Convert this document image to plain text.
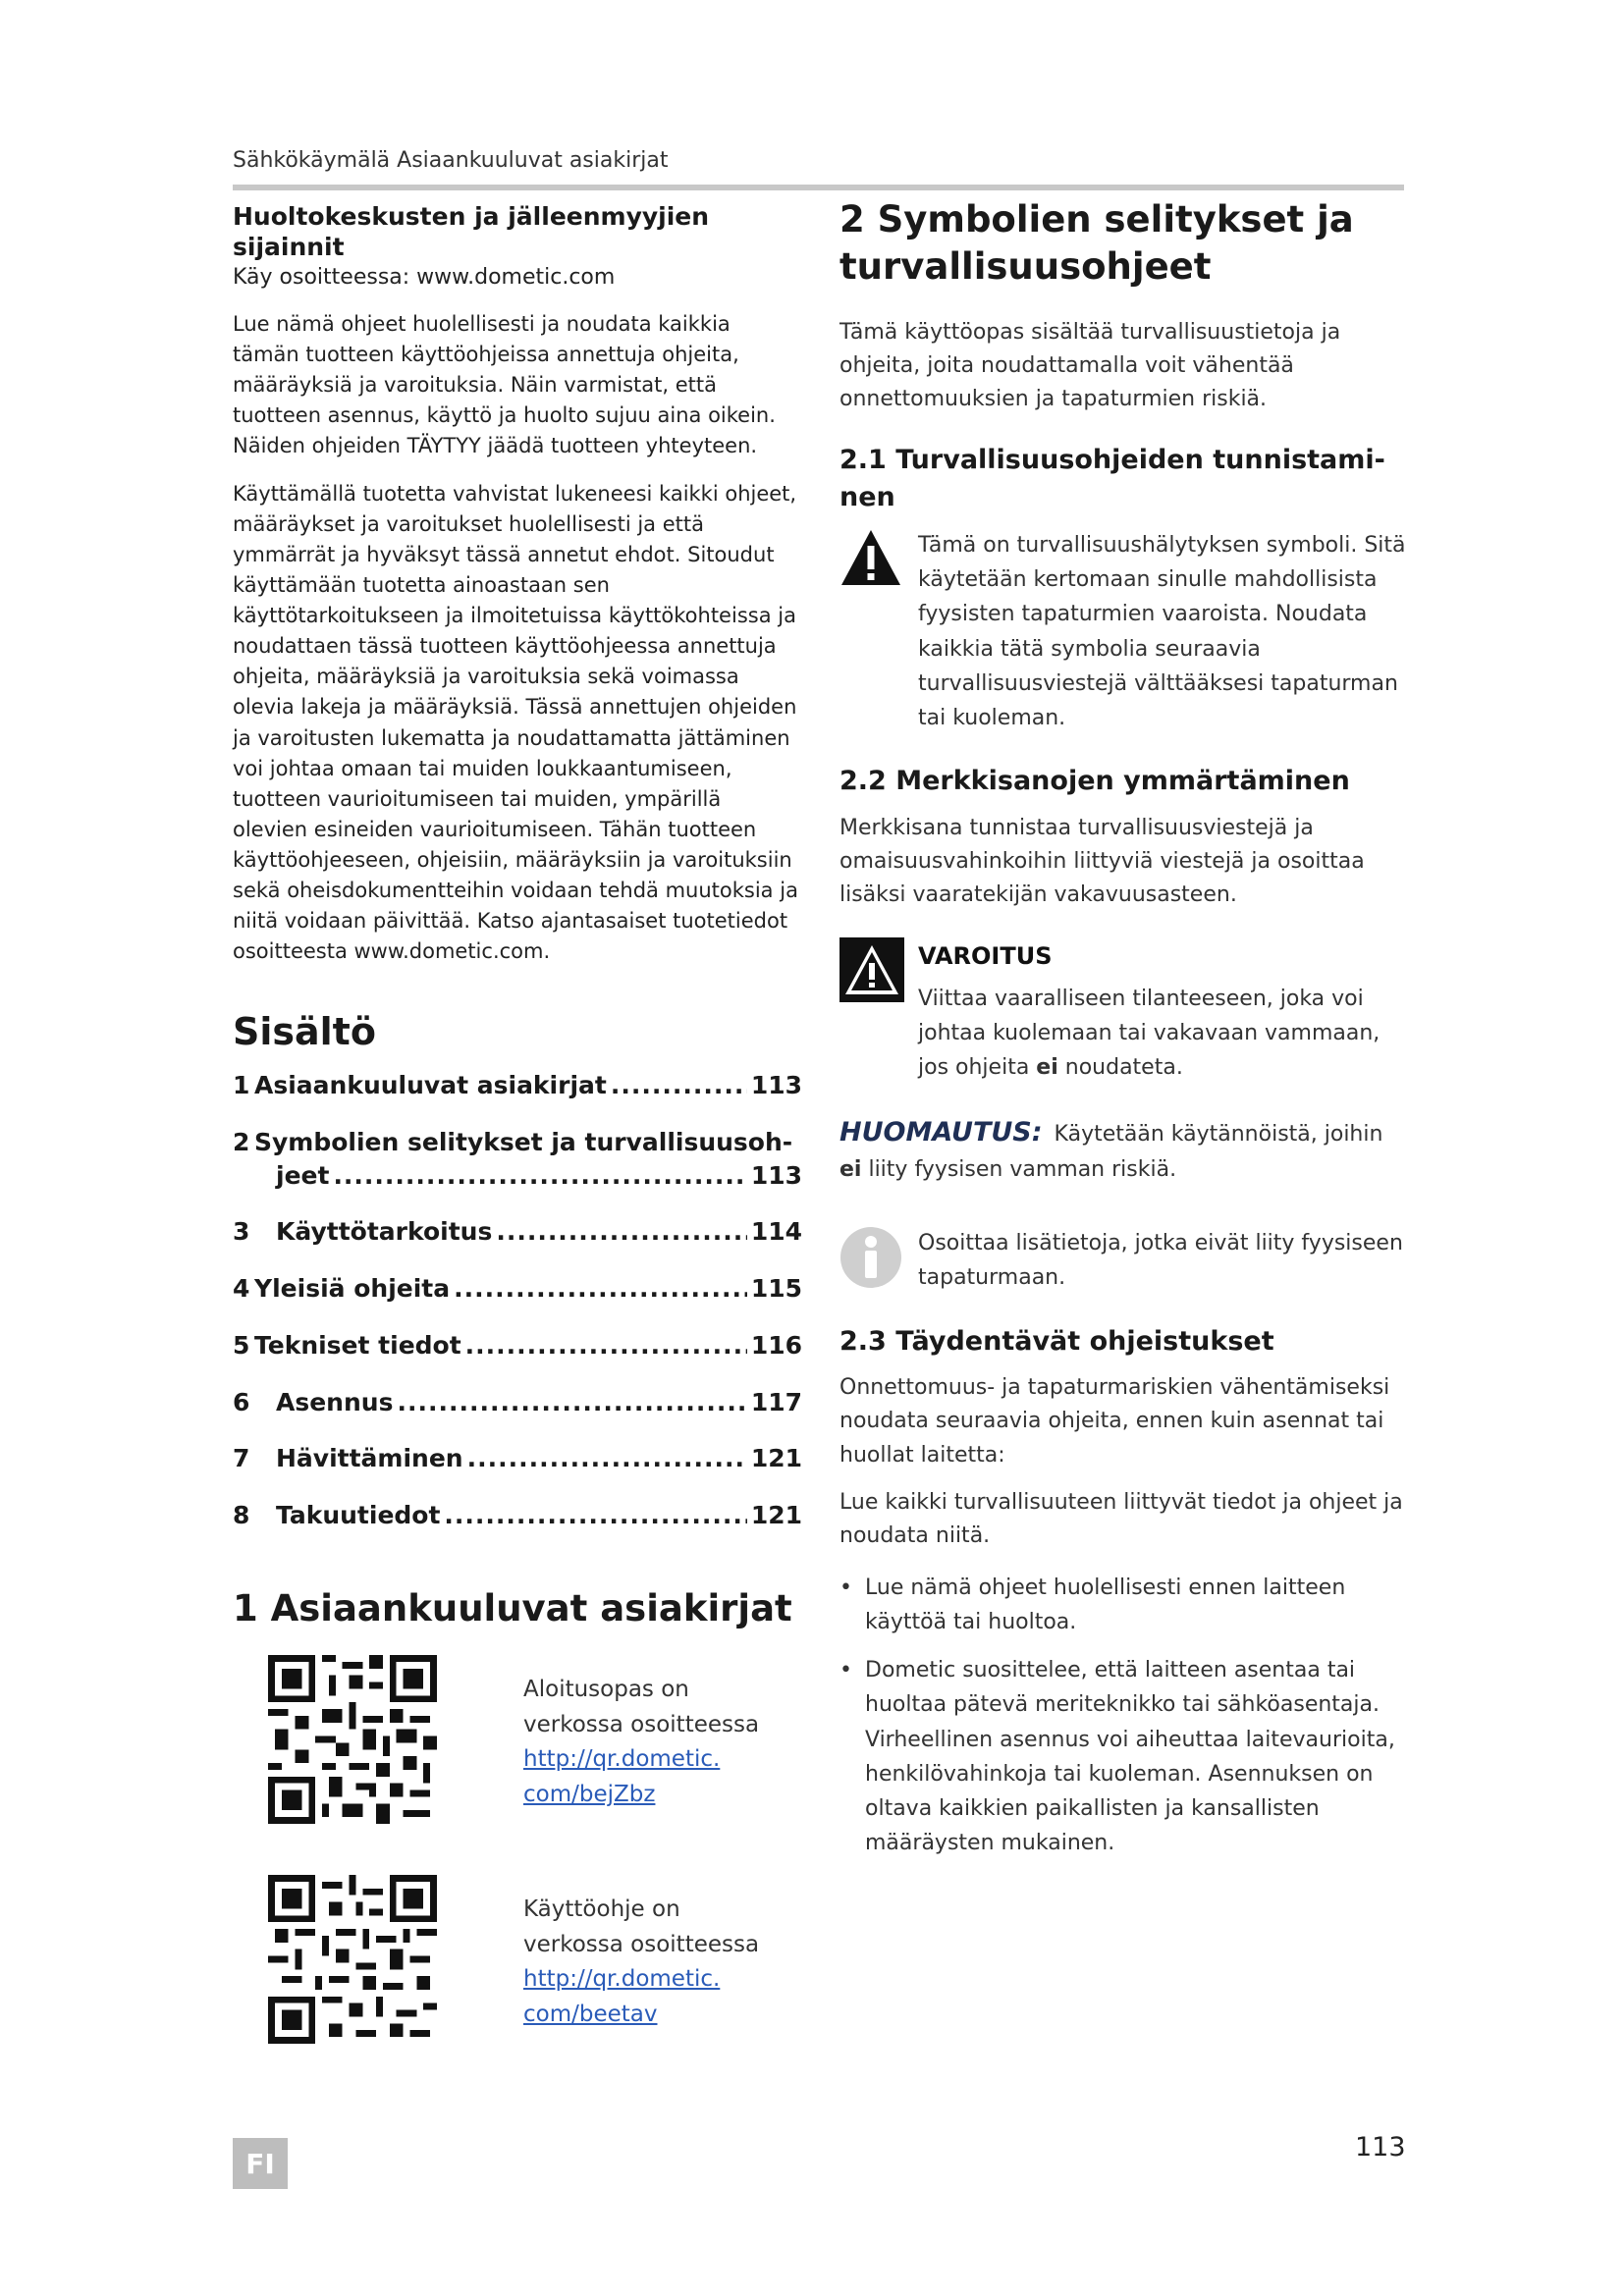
Sähkökäymälä Asiaankuuluvat asiakirjat

Huoltokeskusten ja jälleenmyyjien sijainnit

Käy osoitteessa: www.dometic.com

Lue nämä ohjeet huolellisesti ja noudata kaikkia tämän tuotteen käyttöohjeissa annettuja ohjeita, määräyksiä ja varoituksia. Näin varmistat, että tuotteen asennus, käyttö ja huolto sujuu aina oikein. Näiden ohjeiden TÄYTYY jäädä tuotteen yhteyteen.

Käyttämällä tuotetta vahvistat lukeneesi kaikki ohjeet, määräykset ja varoitukset huolellisesti ja että ymmärrät ja hyväksyt tässä annetut ehdot. Sitoudut käyttämään tuotetta ainoastaan sen käyttötarkoitukseen ja ilmoitetuissa käyttökohteissa ja noudattaen tässä tuotteen käyttöohjeessa annettuja ohjeita, määräyksiä ja varoituksia sekä voimassa olevia lakeja ja määräyksiä. Tässä annettujen ohjeiden ja varoitusten lukematta ja noudattamatta jättäminen voi johtaa omaan tai muiden loukkaantumiseen, tuotteen vaurioitumiseen tai muiden, ympärillä olevien esineiden vaurioitumiseen. Tähän tuotteen käyttöohjeeseen, ohjeisiin, määräyksiin ja varoituksiin sekä oheisdokumentteihin voidaan tehdä muutoksia ja niitä voidaan päivittää. Katso ajantasaiset tuotetiedot osoitteesta www.dometic.com.

Sisältö
1 Asiaankuuluvat asiakirjat .....	113
2 Symbolien selitykset ja turvallisuusoh-
jeet .....	113
3	Käyttötarkoitus .....	114
4 Yleisiä ohjeita .....	115
5 Tekniset tiedot .....	116
6	Asennus .....	117
7	Hävittäminen .....	121
8	Takuutiedot .....	121
1 Asiaankuuluvat asiakirjat
Aloitusopas on
verkossa osoitteessa
http://qr.dometic.
com/bejZbz
Käyttöohje on
verkossa osoitteessa
http://qr.dometic.
com/beetav
2 Symbolien selitykset ja turvallisuusohjeet

Tämä käyttöopas sisältää turvallisuustietoja ja ohjeita, joita noudattamalla voit vähentää onnettomuuksien ja tapaturmien riskiä.

2.1 Turvallisuusohjeiden tunnistami-nen
Tämä on turvallisuushälytyksen symboli. Sitä käytetään kertomaan sinulle mahdollisista fyysisten tapaturmien vaaroista. Noudata kaikkia tätä symbolia seuraavia turvallisuusviestejä välttääksesi tapaturman tai kuoleman.
2.2 Merkkisanojen ymmärtäminen

Merkkisana tunnistaa turvallisuusviestejä ja omaisuusvahinkoihin liittyviä viestejä ja osoittaa lisäksi vaaratekijän vakavuusasteen.

VAROITUS
Viittaa vaaralliseen tilanteeseen, joka voi johtaa kuolemaan tai vakavaan vammaan, jos ohjeita ei noudateta.

HUOMAUTUS: Käytetään käytännöistä, joihin ei liity fyysisen vamman riskiä.

Osoittaa lisätietoja, jotka eivät liity fyysiseen tapaturmaan.
2.3 Täydentävät ohjeistukset

Onnettomuus- ja tapaturmariskien vähentämiseksi noudata seuraavia ohjeita, ennen kuin asennat tai huollat laitetta:

Lue kaikki turvallisuuteen liittyvät tiedot ja ohjeet ja noudata niitä.

• Lue nämä ohjeet huolellisesti ennen laitteen käyttöä tai huoltoa.
• Dometic suosittelee, että laitteen asentaa tai huoltaa pätevä meriteknikko tai sähköasentaja. Virheellinen asennus voi aiheuttaa laitevaurioita, henkilövahinkoja tai kuoleman. Asennuksen on oltava kaikkien paikallisten ja kansallisten määräysten mukainen.
FI	113
